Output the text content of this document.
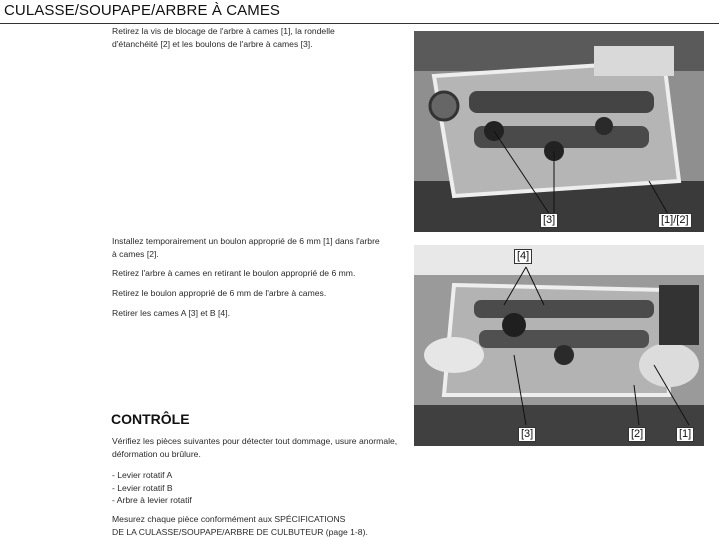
CULASSE/SOUPAPE/ARBRE À CAMES

Retirez la vis de blocage de l'arbre à cames [1], la rondelle
d'étanchéité [2] et les boulons de l'arbre à cames [3].

Installez temporairement un boulon approprié de 6 mm [1] dans l'arbre
à cames [2].

Retirez l'arbre à cames en retirant le boulon approprié de 6 mm.

Retirez le boulon approprié de 6 mm de l'arbre à cames.

Retirer les cames A [3] et B [4].

CONTRÔLE

Vérifiez les pièces suivantes pour détecter tout dommage, usure anormale,
déformation ou brûlure.

- Levier rotatif A
- Levier rotatif B
- Arbre à levier rotatif

Mesurez chaque pièce conformément aux SPÉCIFICATIONS
DE LA CULASSE/SOUPAPE/ARBRE DE CULBUTEUR (page 1-8).

[3]	[1]/[2]
[4]
[3]	[2]	[1]
